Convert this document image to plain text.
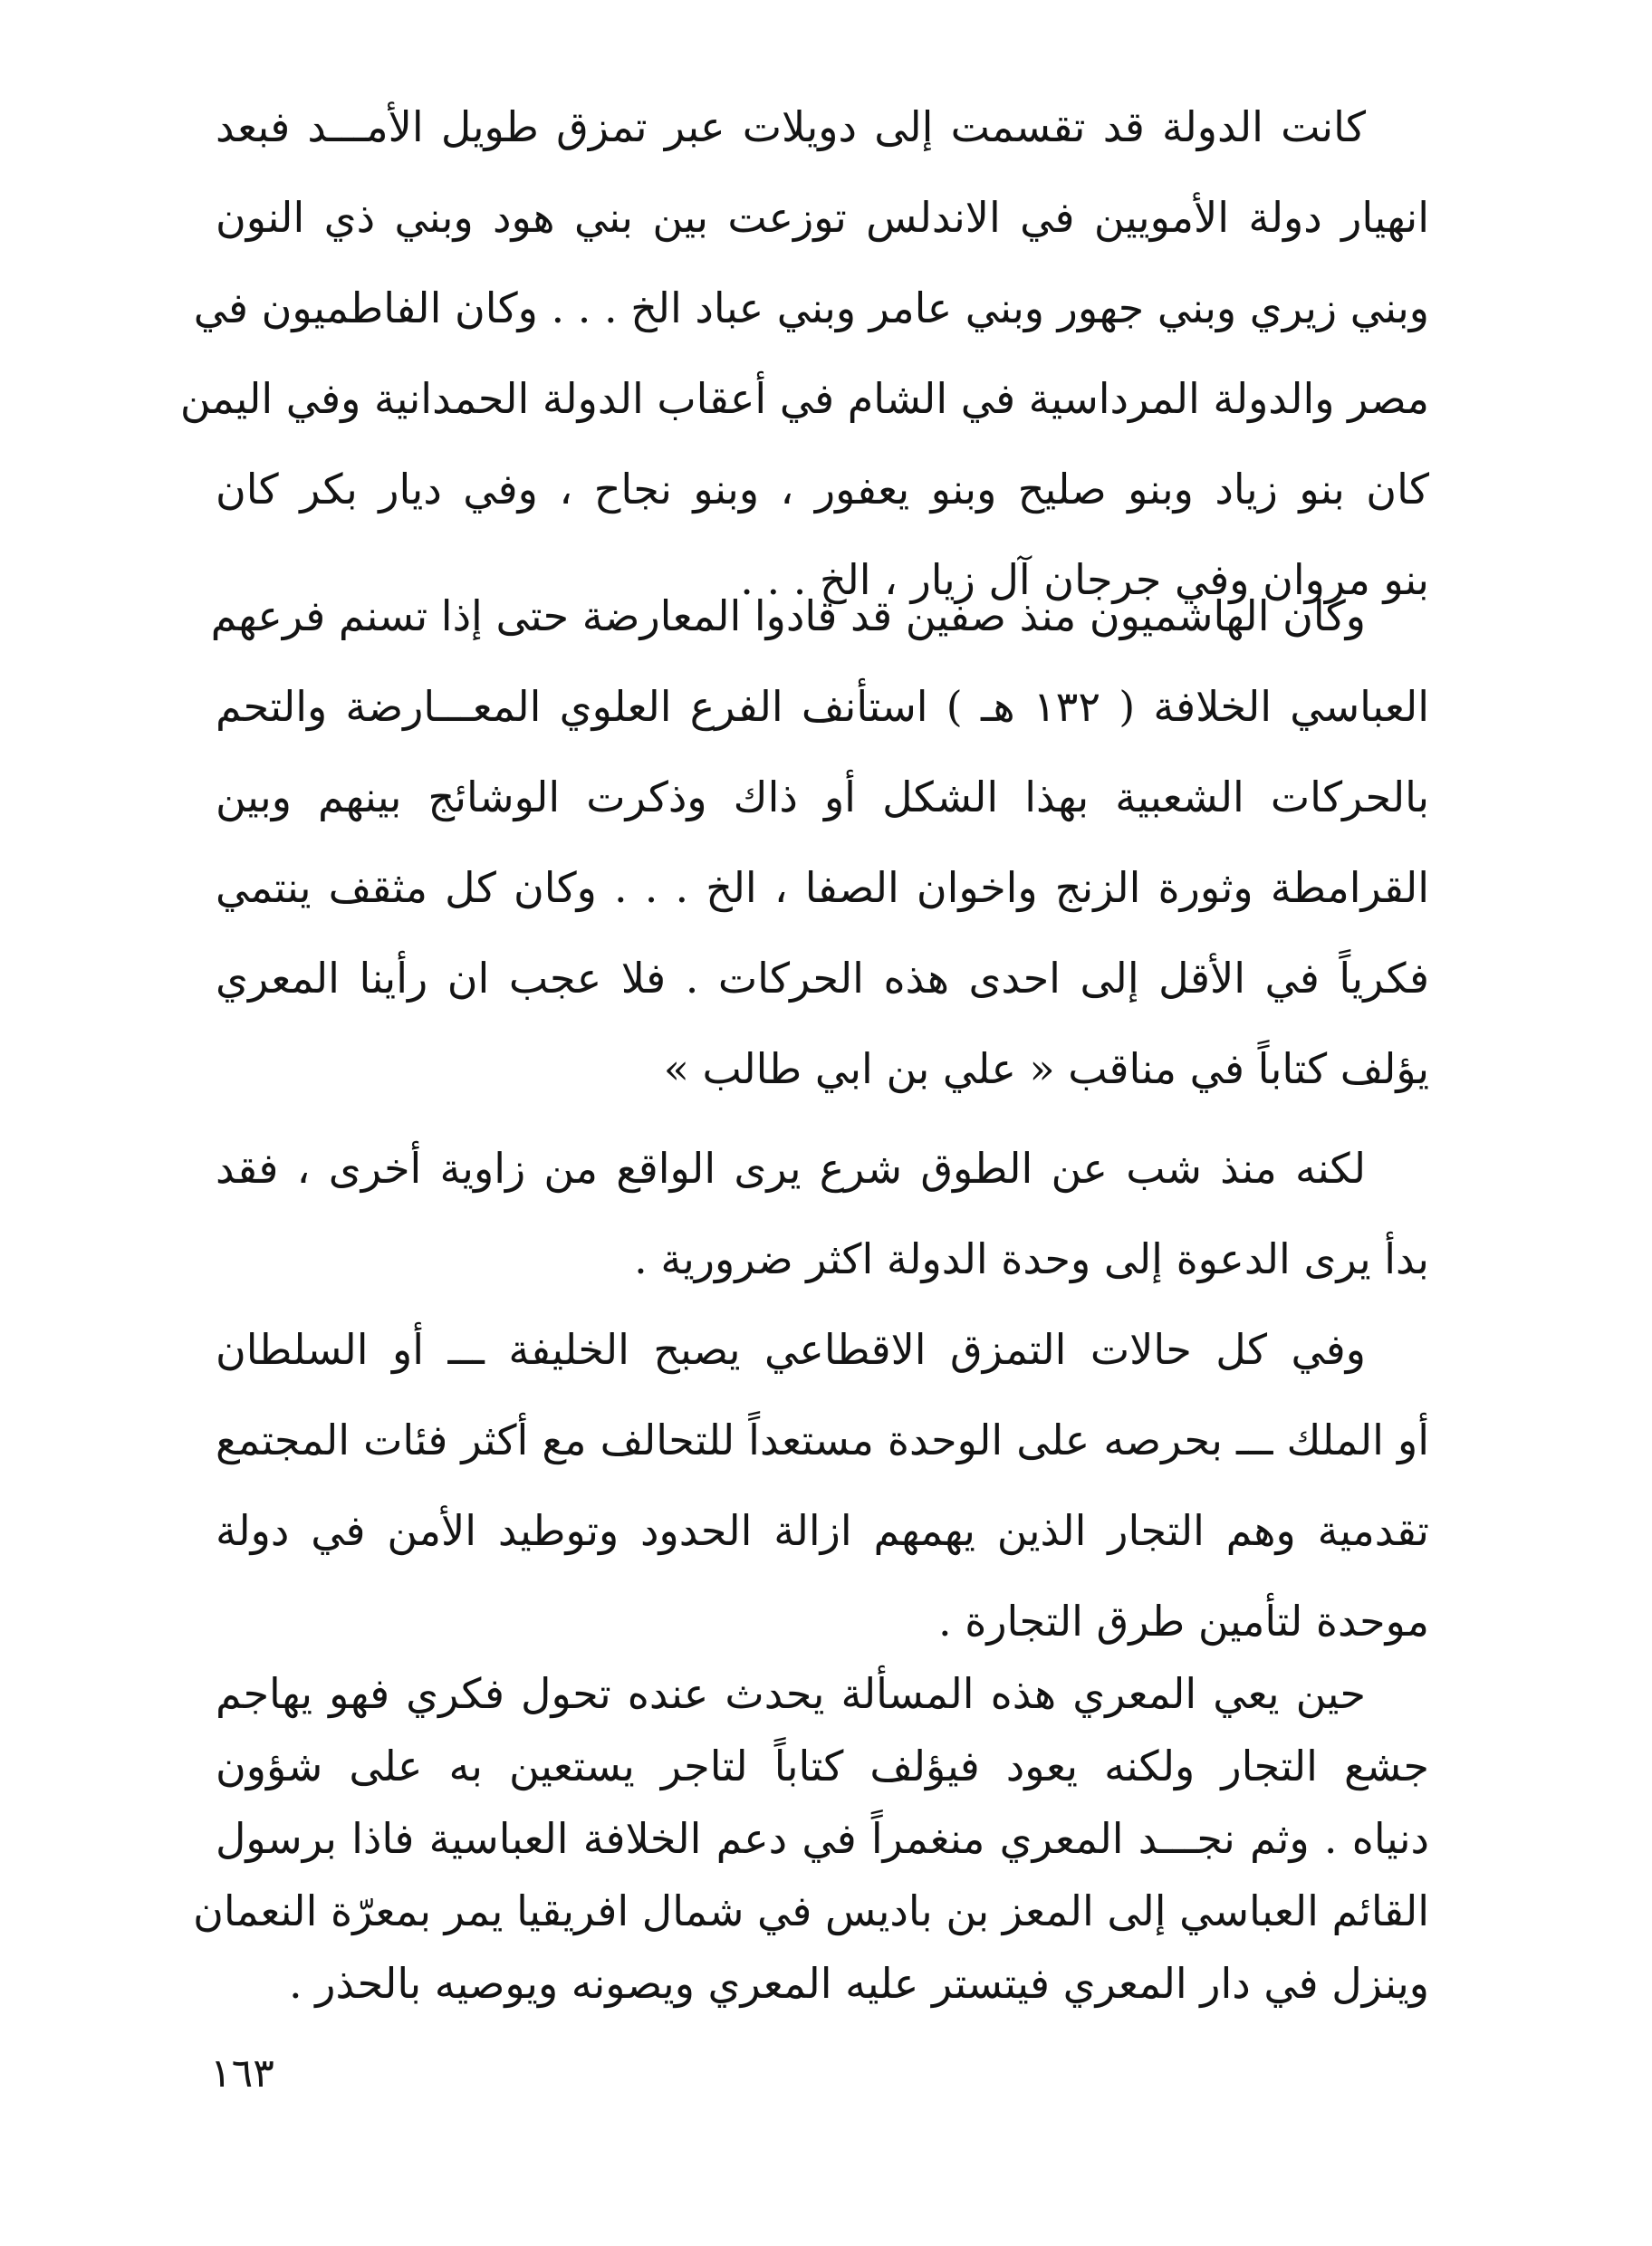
كانت الدولة قد تقسمت إلى دويلات عبر تمزق طويل الأمـــد فبعد
انهيار دولة الأمويين في الاندلس توزعت بين بني هود وبني ذي النون
وبني زيري وبني جهور وبني عامر وبني عباد الخ . . . وكان الفاطميون في
مصر والدولة المرداسية في الشام في أعقاب الدولة الحمدانية وفي اليمن
كان بنو زياد وبنو صليح وبنو يعفور ، وبنو نجاح ، وفي ديار بكر كان
بنو مروان وفي جرجان آل زيار ، الخ . . .
وكان الهاشميون منذ صفين قد قادوا المعارضة حتى إذا تسنم فرعهم
العباسي الخلافة ( ١٣٢ هـ ) استأنف الفرع العلوي المعـــارضة والتحم
بالحركات الشعبية بهذا الشكل أو ذاك وذكرت الوشائج بينهم وبين
القرامطة وثورة الزنج واخوان الصفا ، الخ . . . وكان كل مثقف ينتمي
فكرياً في الأقل إلى احدى هذه الحركات . فلا عجب ان رأينا المعري
يؤلف كتاباً في مناقب « علي بن ابي طالب »
لكنه منذ شب عن الطوق شرع يرى الواقع من زاوية أخرى ، فقد
بدأ يرى الدعوة إلى وحدة الدولة اكثر ضرورية .
وفي كل حالات التمزق الاقطاعي يصبح الخليفة ـــ أو السلطان
أو الملك ـــ بحرصه على الوحدة مستعداً للتحالف مع أكثر فئات المجتمع
تقدمية وهم التجار الذين يهمهم ازالة الحدود وتوطيد الأمن في دولة
موحدة لتأمين طرق التجارة .
حين يعي المعري هذه المسألة يحدث عنده تحول فكري فهو يهاجم
جشع التجار ولكنه يعود فيؤلف كتاباً لتاجر يستعين به على شؤون
دنياه . وثم نجـــد المعري منغمراً في دعم الخلافة العباسية فاذا برسول
القائم العباسي إلى المعز بن باديس في شمال افريقيا يمر بمعرّة النعمان
وينزل في دار المعري فيتستر عليه المعري ويصونه ويوصيه بالحذر .
١٦٣
